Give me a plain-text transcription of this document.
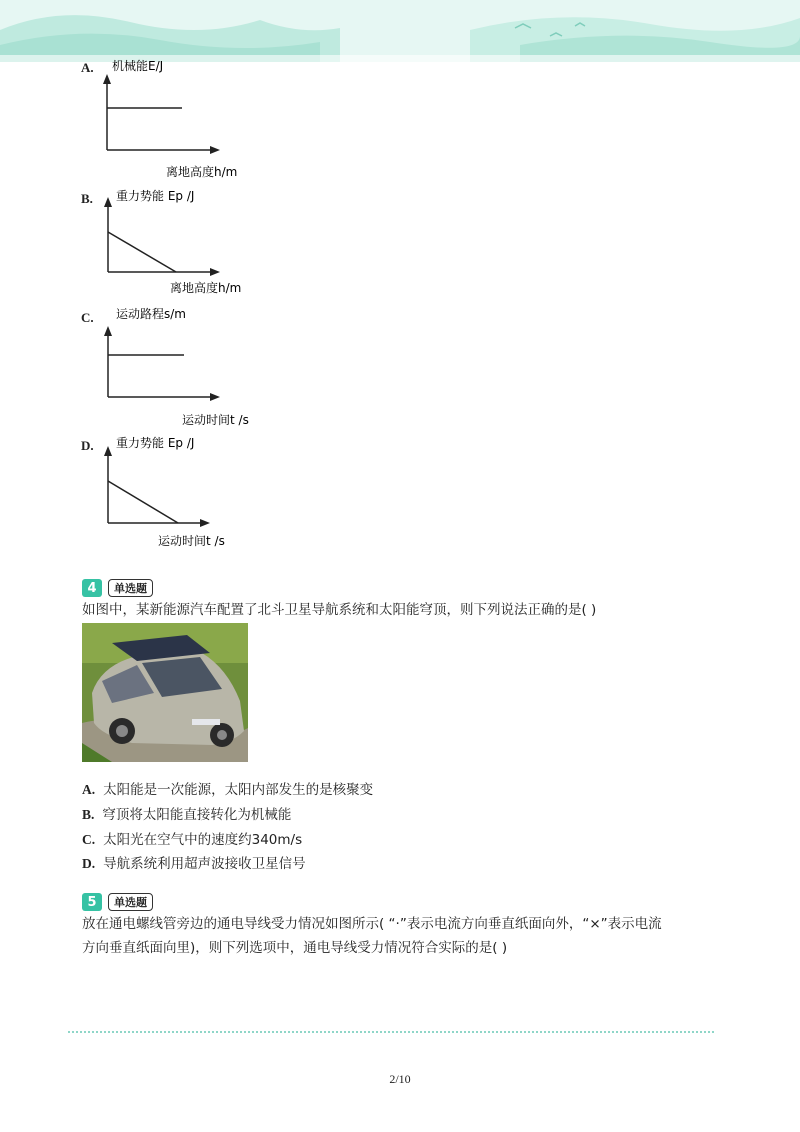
A. 机械能E/J
离地高度h/m
B. 重力势能 Ep /J
离地高度h/m
C. 运动路程s/m
运动时间t /s
D. 重力势能 Ep /J
运动时间t /s
4	单选题
如图中，某新能源汽车配置了北斗卫星导航系统和太阳能穹顶，则下列说法正确的是( )
A. 太阳能是一次能源，太阳内部发生的是核聚变
B. 穹顶将太阳能直接转化为机械能
C. 太阳光在空气中的速度约340m/s
D. 导航系统利用超声波接收卫星信号
5	单选题
放在通电螺线管旁边的通电导线受力情况如图所示( “·”表示电流方向垂直纸面向外，“×”表示电流
方向垂直纸面向里)，则下列选项中，通电导线受力情况符合实际的是( )
2/10
